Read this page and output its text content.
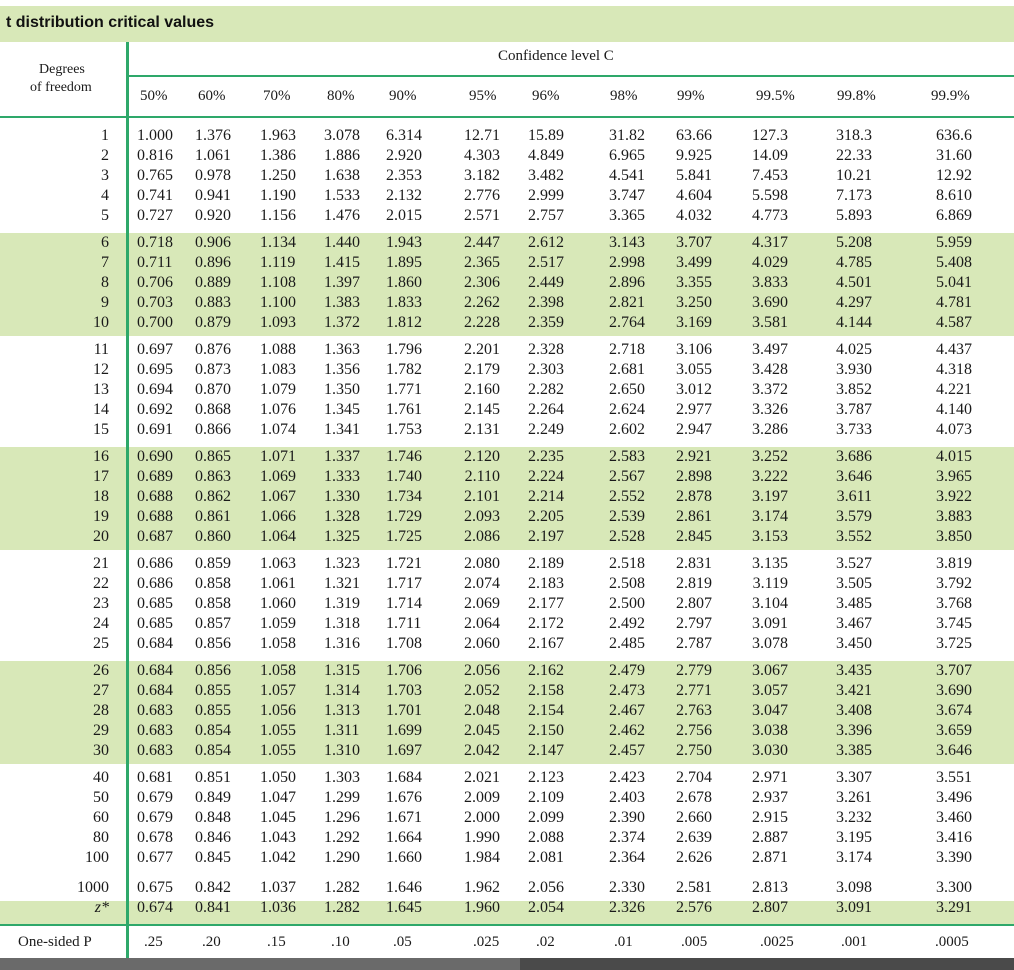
t distribution critical values
Confidence level C
Degrees
of freedom
50% 60%	70% 80% 90%	95% 96%	98%	99%	99.5%	99.8%	99.9%
1 1.000 1.376 1.963 3.078 6.314	12.71 15.89	31.82 63.66	127.3	318.3	636.6
2 0.816 1.061 1.386 1.886 2.920	4.303 4.849	6.965 9.925	14.09	22.33	31.60
3 0.765 0.978 1.250 1.638 2.353	3.182 3.482	4.541 5.841	7.453	10.21	12.92
4 0.741 0.941 1.190 1.533 2.132	2.776 2.999	3.747 4.604	5.598	7.173	8.610
5 0.727 0.920 1.156 1.476 2.015	2.571 2.757	3.365 4.032	4.773	5.893	6.869
6 0.718 0.906 1.134 1.440 1.943	2.447 2.612	3.143 3.707	4.317	5.208	5.959
7 0.711 0.896 1.119 1.415 1.895	2.365 2.517	2.998 3.499	4.029	4.785	5.408
8 0.706 0.889 1.108 1.397 1.860	2.306 2.449	2.896 3.355	3.833	4.501	5.041
9 0.703 0.883 1.100 1.383 1.833	2.262 2.398	2.821 3.250	3.690	4.297	4.781
10 0.700 0.879 1.093 1.372 1.812	2.228 2.359	2.764 3.169	3.581	4.144	4.587
11 0.697 0.876 1.088 1.363 1.796	2.201 2.328	2.718 3.106	3.497	4.025	4.437
12 0.695 0.873 1.083 1.356 1.782	2.179 2.303	2.681 3.055	3.428	3.930	4.318
13 0.694 0.870 1.079 1.350 1.771	2.160 2.282	2.650 3.012	3.372	3.852	4.221
14 0.692 0.868 1.076 1.345 1.761	2.145 2.264	2.624 2.977	3.326	3.787	4.140
15 0.691 0.866 1.074 1.341 1.753	2.131 2.249	2.602 2.947	3.286	3.733	4.073
16 0.690 0.865 1.071 1.337 1.746	2.120 2.235	2.583 2.921	3.252	3.686	4.015
17 0.689 0.863 1.069 1.333 1.740	2.110 2.224	2.567 2.898	3.222	3.646	3.965
18 0.688 0.862 1.067 1.330 1.734	2.101 2.214	2.552 2.878	3.197	3.611	3.922
19 0.688 0.861 1.066 1.328 1.729	2.093 2.205	2.539 2.861	3.174	3.579	3.883
20 0.687 0.860 1.064 1.325 1.725	2.086 2.197	2.528 2.845	3.153	3.552	3.850
21 0.686 0.859 1.063 1.323 1.721	2.080 2.189	2.518 2.831	3.135	3.527	3.819
22 0.686 0.858 1.061 1.321 1.717	2.074 2.183	2.508 2.819	3.119	3.505	3.792
23 0.685 0.858 1.060 1.319 1.714	2.069 2.177	2.500 2.807	3.104	3.485	3.768
24 0.685 0.857 1.059 1.318 1.711	2.064 2.172	2.492 2.797	3.091	3.467	3.745
25 0.684 0.856 1.058 1.316 1.708	2.060 2.167	2.485 2.787	3.078	3.450	3.725
26 0.684 0.856 1.058 1.315 1.706	2.056 2.162	2.479 2.779	3.067	3.435	3.707
27 0.684 0.855 1.057 1.314 1.703	2.052 2.158	2.473 2.771	3.057	3.421	3.690
28 0.683 0.855 1.056 1.313 1.701	2.048 2.154	2.467 2.763	3.047	3.408	3.674
29 0.683 0.854 1.055 1.311 1.699	2.045 2.150	2.462 2.756	3.038	3.396	3.659
30 0.683 0.854 1.055 1.310 1.697	2.042 2.147	2.457 2.750	3.030	3.385	3.646
40 0.681 0.851 1.050 1.303 1.684	2.021 2.123	2.423 2.704	2.971	3.307	3.551
50 0.679 0.849 1.047 1.299 1.676	2.009 2.109	2.403 2.678	2.937	3.261	3.496
60 0.679 0.848 1.045 1.296 1.671	2.000 2.099	2.390 2.660	2.915	3.232	3.460
80 0.678 0.846 1.043 1.292 1.664	1.990 2.088	2.374 2.639	2.887	3.195	3.416
100 0.677 0.845 1.042 1.290 1.660	1.984 2.081	2.364 2.626	2.871	3.174	3.390
1000 0.675 0.842 1.037 1.282 1.646	1.962 2.056	2.330 2.581	2.813	3.098	3.300
z* 0.674 0.841 1.036 1.282 1.645	1.960 2.054	2.326 2.576	2.807	3.091	3.291
One-sided P	.25	.20	.15	.10	.05	.025 .02	.01	.005	.0025	.001	.0005
